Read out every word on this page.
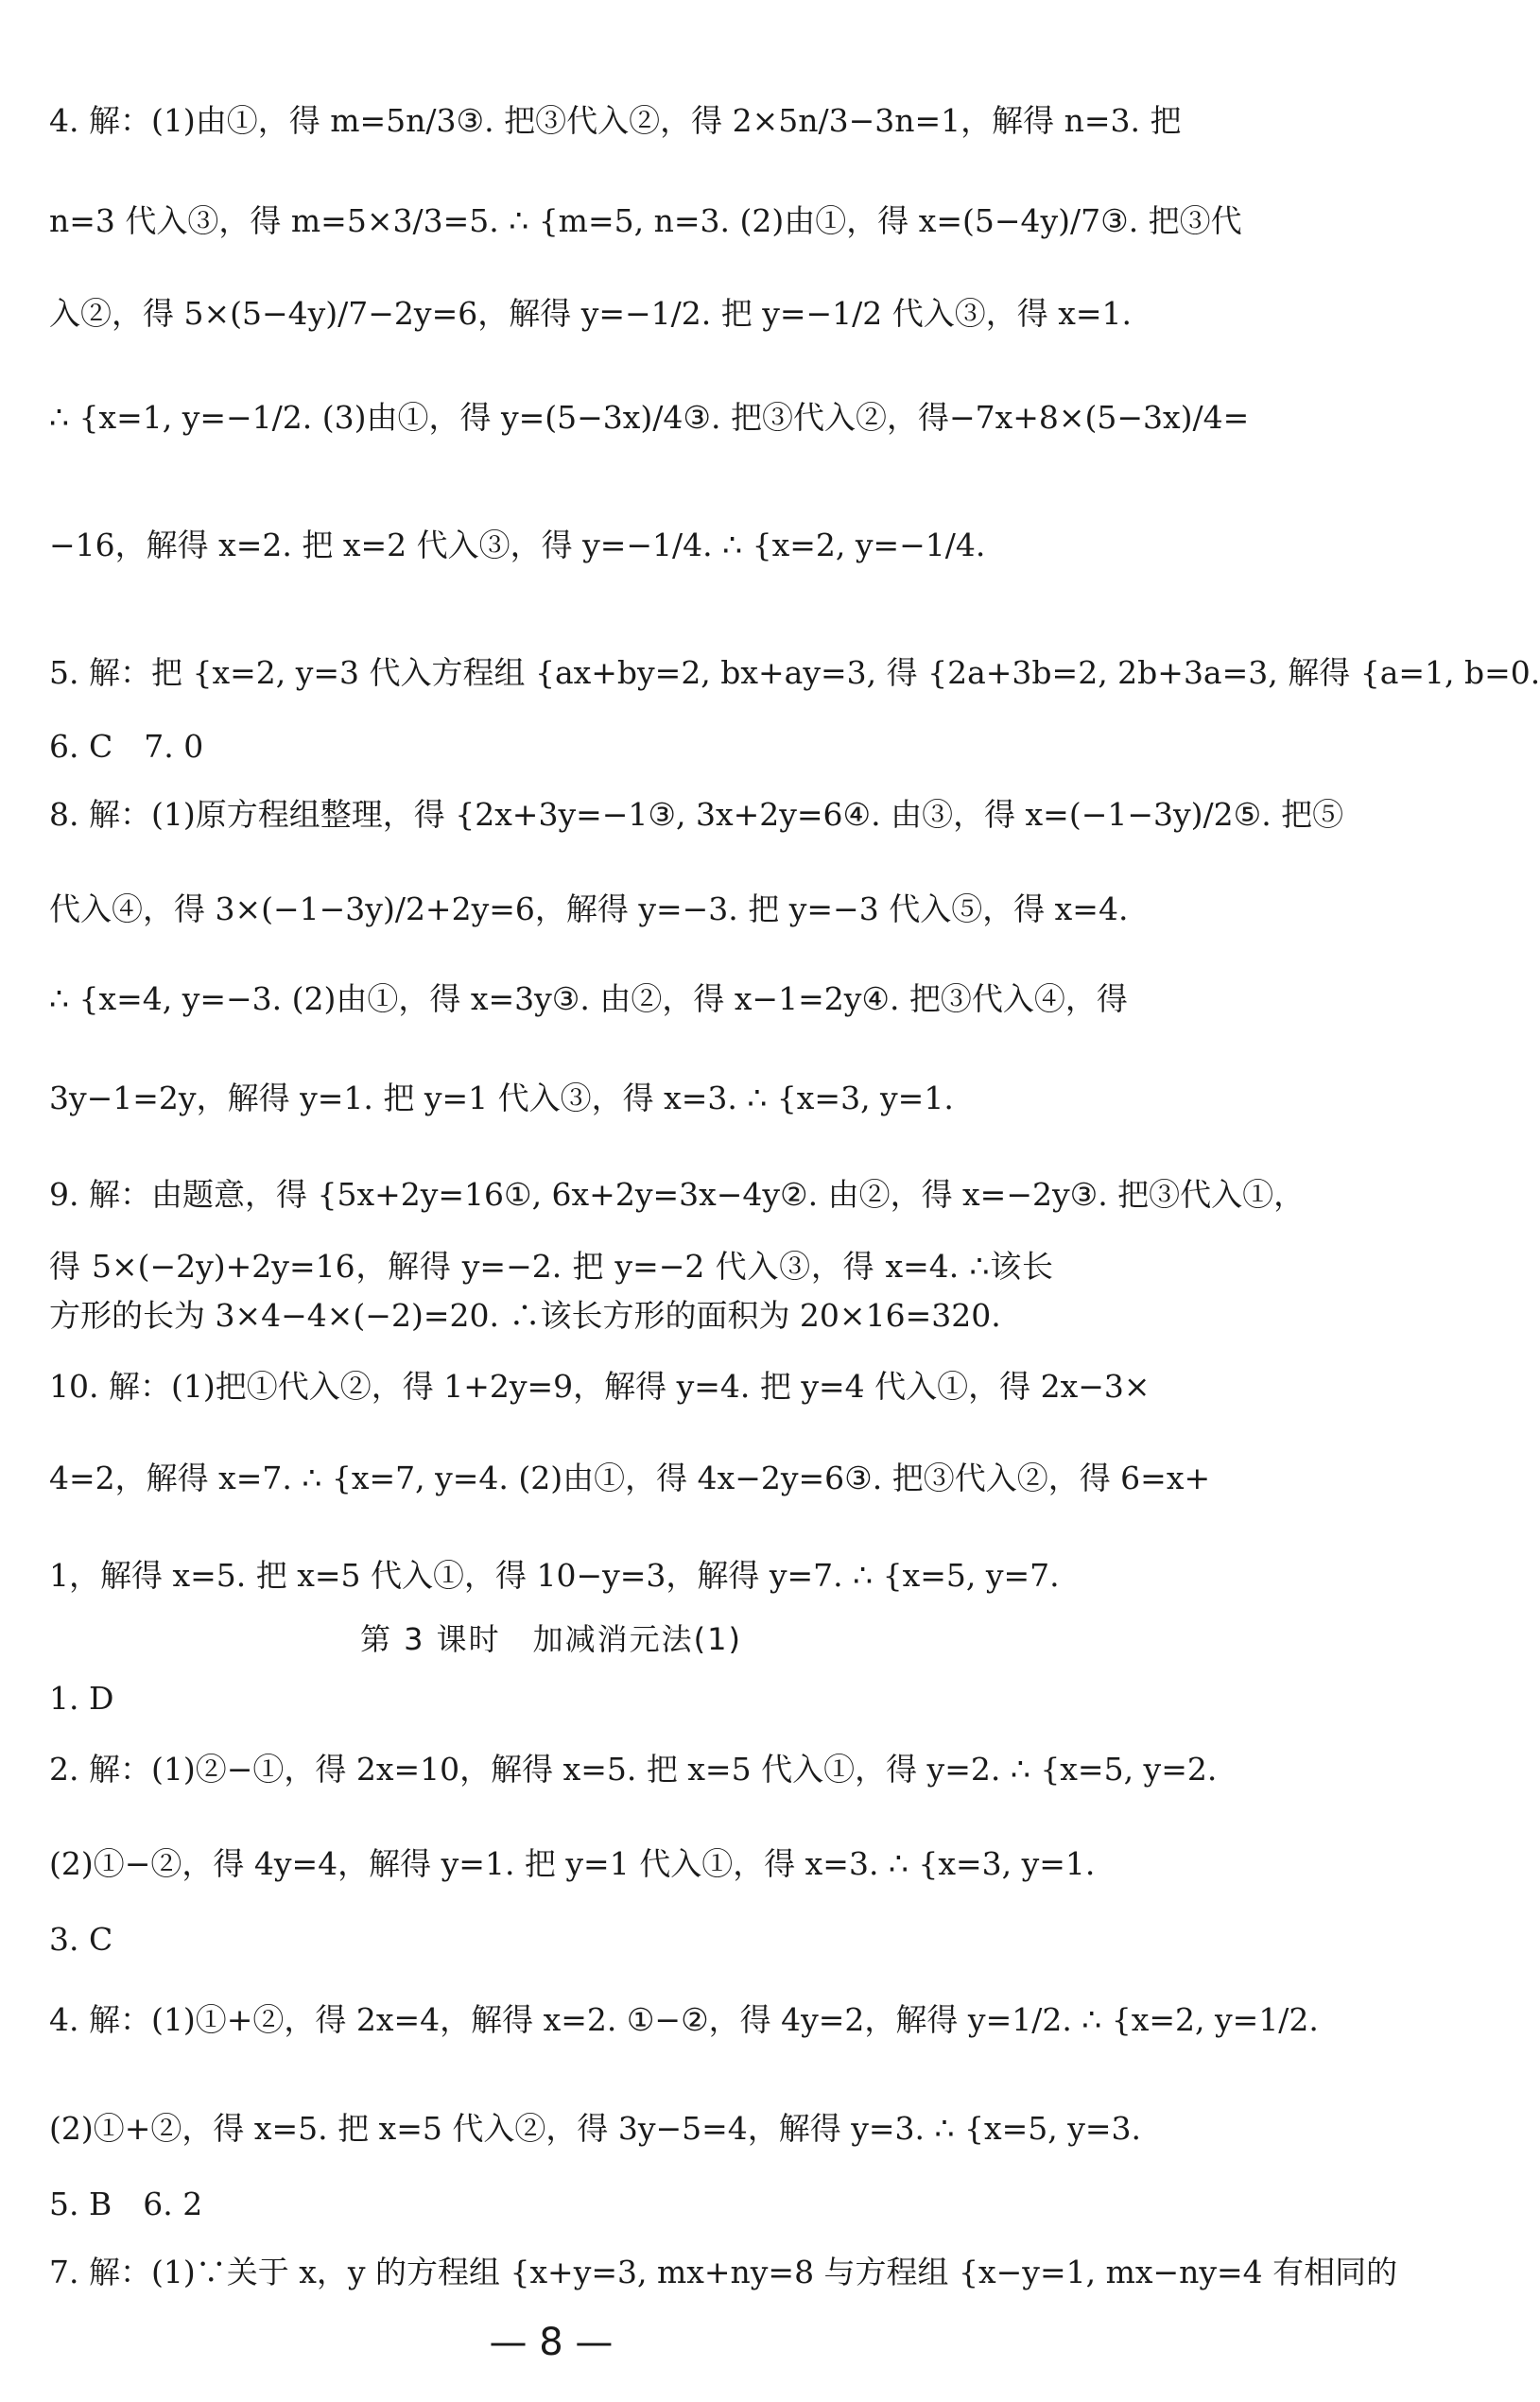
4. 解：(1)由①，得 m=5n/3③. 把③代入②，得 2×5n/3−3n=1，解得 n=3. 把
n=3 代入③，得 m=5×3/3=5. ∴ {m=5, n=3. (2)由①，得 x=(5−4y)/7③. 把③代
入②，得 5×(5−4y)/7−2y=6，解得 y=−1/2. 把 y=−1/2 代入③，得 x=1.
∴ {x=1, y=−1/2. (3)由①，得 y=(5−3x)/4③. 把③代入②，得−7x+8×(5−3x)/4=
−16，解得 x=2. 把 x=2 代入③，得 y=−1/4. ∴ {x=2, y=−1/4.
5. 解：把 {x=2, y=3 代入方程组 {ax+by=2, bx+ay=3, 得 {2a+3b=2, 2b+3a=3, 解得 {a=1, b=0.
6. C　7. 0
8. 解：(1)原方程组整理，得 {2x+3y=−1③, 3x+2y=6④. 由③，得 x=(−1−3y)/2⑤. 把⑤
代入④，得 3×(−1−3y)/2+2y=6，解得 y=−3. 把 y=−3 代入⑤，得 x=4.
∴ {x=4, y=−3. (2)由①，得 x=3y③. 由②，得 x−1=2y④. 把③代入④，得
3y−1=2y，解得 y=1. 把 y=1 代入③，得 x=3. ∴ {x=3, y=1.
9. 解：由题意，得 {5x+2y=16①, 6x+2y=3x−4y②. 由②，得 x=−2y③. 把③代入①，
得 5×(−2y)+2y=16，解得 y=−2. 把 y=−2 代入③，得 x=4. ∴该长
方形的长为 3×4−4×(−2)=20. ∴该长方形的面积为 20×16=320.
10. 解：(1)把①代入②，得 1+2y=9，解得 y=4. 把 y=4 代入①，得 2x−3×
4=2，解得 x=7. ∴ {x=7, y=4. (2)由①，得 4x−2y=6③. 把③代入②，得 6=x+
1，解得 x=5. 把 x=5 代入①，得 10−y=3，解得 y=7. ∴ {x=5, y=7.
第 3 课时　加减消元法(1)
1. D
2. 解：(1)②−①，得 2x=10，解得 x=5. 把 x=5 代入①，得 y=2. ∴ {x=5, y=2.
(2)①−②，得 4y=4，解得 y=1. 把 y=1 代入①，得 x=3. ∴ {x=3, y=1.
3. C
4. 解：(1)①+②，得 2x=4，解得 x=2. ①−②，得 4y=2，解得 y=1/2. ∴ {x=2, y=1/2.
(2)①+②，得 x=5. 把 x=5 代入②，得 3y−5=4，解得 y=3. ∴ {x=5, y=3.
5. B　6. 2
7. 解：(1)∵关于 x，y 的方程组 {x+y=3, mx+ny=8 与方程组 {x−y=1, mx−ny=4 有相同的
— 8 —
